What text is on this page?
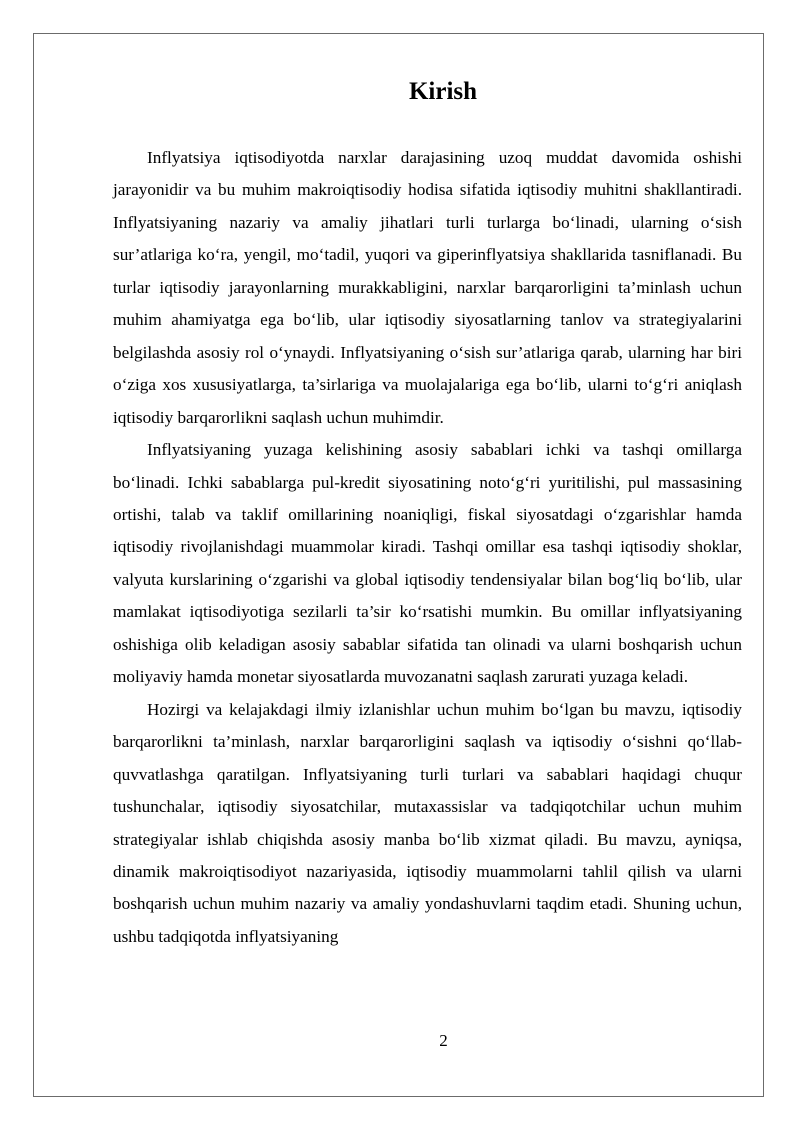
Kirish

Inflyatsiya iqtisodiyotda narxlar darajasining uzoq muddat davomida oshishi jarayonidir va bu muhim makroiqtisodiy hodisa sifatida iqtisodiy muhitni shakllantiradi. Inflyatsiyaning nazariy va amaliy jihatlari turli turlarga bo‘linadi, ularning o‘sish sur’atlariga ko‘ra, yengil, mo‘tadil, yuqori va giperinflyatsiya shakllarida tasniflanadi. Bu turlar iqtisodiy jarayonlarning murakkabligini, narxlar barqarorligini ta’minlash uchun muhim ahamiyatga ega bo‘lib, ular iqtisodiy siyosatlarning tanlov va strategiyalarini belgilashda asosiy rol o‘ynaydi. Inflyatsiyaning o‘sish sur’atlariga qarab, ularning har biri o‘ziga xos xususiyatlarga, ta’sirlariga va muolajalariga ega bo‘lib, ularni to‘g‘ri aniqlash iqtisodiy barqarorlikni saqlash uchun muhimdir.

Inflyatsiyaning yuzaga kelishining asosiy sabablari ichki va tashqi omillarga bo‘linadi. Ichki sabablarga pul-kredit siyosatining noto‘g‘ri yuritilishi, pul massasining ortishi, talab va taklif omillarining noaniqligi, fiskal siyosatdagi o‘zgarishlar hamda iqtisodiy rivojlanishdagi muammolar kiradi. Tashqi omillar esa tashqi iqtisodiy shoklar, valyuta kurslarining o‘zgarishi va global iqtisodiy tendensiyalar bilan bog‘liq bo‘lib, ular mamlakat iqtisodiyotiga sezilarli ta’sir ko‘rsatishi mumkin. Bu omillar inflyatsiyaning oshishiga olib keladigan asosiy sabablar sifatida tan olinadi va ularni boshqarish uchun moliyaviy hamda monetar siyosatlarda muvozanatni saqlash zarurati yuzaga keladi.

Hozirgi va kelajakdagi ilmiy izlanishlar uchun muhim bo‘lgan bu mavzu, iqtisodiy barqarorlikni ta’minlash, narxlar barqarorligini saqlash va iqtisodiy o‘sishni qo‘llab-quvvatlashga qaratilgan. Inflyatsiyaning turli turlari va sabablari haqidagi chuqur tushunchalar, iqtisodiy siyosatchilar, mutaxassislar va tadqiqotchilar uchun muhim strategiyalar ishlab chiqishda asosiy manba bo‘lib xizmat qiladi. Bu mavzu, ayniqsa, dinamik makroiqtisodiyot nazariyasida, iqtisodiy muammolarni tahlil qilish va ularni boshqarish uchun muhim nazariy va amaliy yondashuvlarni taqdim etadi. Shuning uchun, ushbu tadqiqotda inflyatsiyaning

2
